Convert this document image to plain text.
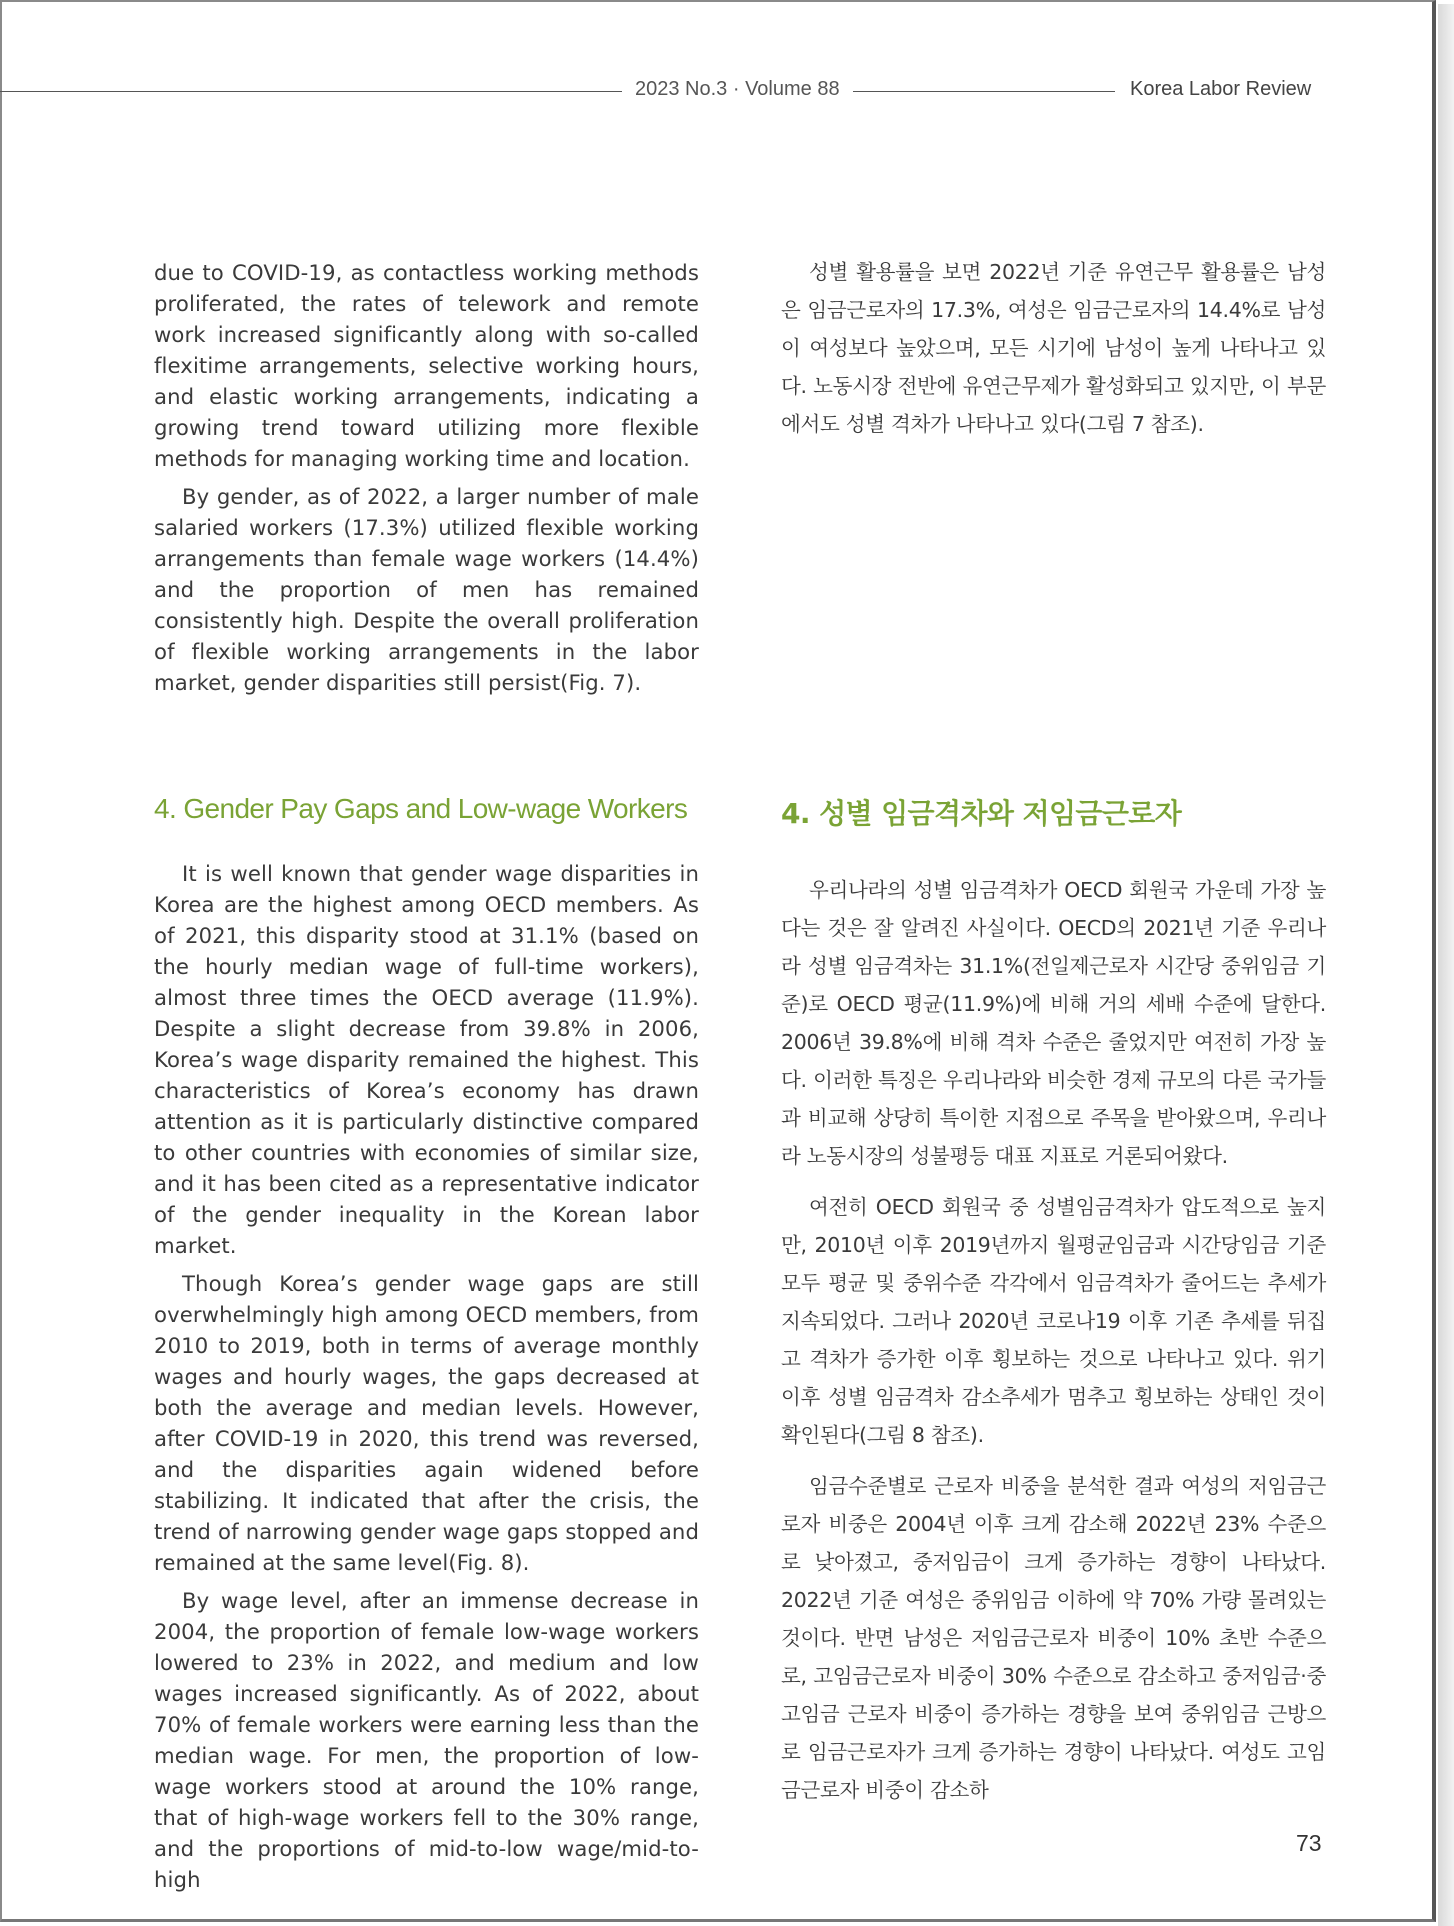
2023 No.3 · Volume 88	Korea Labor Review

due to COVID-19, as contactless working methods proliferated, the rates of telework and remote work increased significantly along with so-called flexitime arrangements, selective working hours, and elastic working arrangements, indicating a growing trend toward utilizing more flexible methods for managing working time and location.

By gender, as of 2022, a larger number of male salaried workers (17.3%) utilized flexible working arrangements than female wage workers (14.4%) and the proportion of men has remained consistently high. Despite the overall proliferation of flexible working arrangements in the labor market, gender disparities still persist(Fig. 7).

성별 활용률을 보면 2022년 기준 유연근무 활용률은 남성은 임금근로자의 17.3%, 여성은 임금근로자의 14.4%로 남성이 여성보다 높았으며, 모든 시기에 남성이 높게 나타나고 있다. 노동시장 전반에 유연근무제가 활성화되고 있지만, 이 부문에서도 성별 격차가 나타나고 있다(그림 7 참조).

4. Gender Pay Gaps and Low-wage Workers	4. 성별 임금격차와 저임금근로자

It is well known that gender wage disparities in Korea are the highest among OECD members. As of 2021, this disparity stood at 31.1% (based on the hourly median wage of full-time workers), almost three times the OECD average (11.9%). Despite a slight decrease from 39.8% in 2006, Korea’s wage disparity remained the highest. This characteristics of Korea’s economy has drawn attention as it is particularly distinctive compared to other countries with economies of similar size, and it has been cited as a representative indicator of the gender inequality in the Korean labor market.

Though Korea’s gender wage gaps are still overwhelmingly high among OECD members, from 2010 to 2019, both in terms of average monthly wages and hourly wages, the gaps decreased at both the average and median levels. However, after COVID-19 in 2020, this trend was reversed, and the disparities again widened before stabilizing. It indicated that after the crisis, the trend of narrowing gender wage gaps stopped and remained at the same level(Fig. 8).

By wage level, after an immense decrease in 2004, the proportion of female low-wage workers lowered to 23% in 2022, and medium and low wages increased significantly. As of 2022, about 70% of female workers were earning less than the median wage. For men, the proportion of low-wage workers stood at around the 10% range, that of high-wage workers fell to the 30% range, and the proportions of mid-to-low wage/mid-to-high

우리나라의 성별 임금격차가 OECD 회원국 가운데 가장 높다는 것은 잘 알려진 사실이다. OECD의 2021년 기준 우리나라 성별 임금격차는 31.1%(전일제근로자 시간당 중위임금 기준)로 OECD 평균(11.9%)에 비해 거의 세배 수준에 달한다. 2006년 39.8%에 비해 격차 수준은 줄었지만 여전히 가장 높다. 이러한 특징은 우리나라와 비슷한 경제 규모의 다른 국가들과 비교해 상당히 특이한 지점으로 주목을 받아왔으며, 우리나라 노동시장의 성불평등 대표 지표로 거론되어왔다.

여전히 OECD 회원국 중 성별임금격차가 압도적으로 높지만, 2010년 이후 2019년까지 월평균임금과 시간당임금 기준 모두 평균 및 중위수준 각각에서 임금격차가 줄어드는 추세가 지속되었다. 그러나 2020년 코로나19 이후 기존 추세를 뒤집고 격차가 증가한 이후 횡보하는 것으로 나타나고 있다. 위기 이후 성별 임금격차 감소추세가 멈추고 횡보하는 상태인 것이 확인된다(그림 8 참조).

임금수준별로 근로자 비중을 분석한 결과 여성의 저임금근로자 비중은 2004년 이후 크게 감소해 2022년 23% 수준으로 낮아졌고, 중저임금이 크게 증가하는 경향이 나타났다. 2022년 기준 여성은 중위임금 이하에 약 70% 가량 몰려있는 것이다. 반면 남성은 저임금근로자 비중이 10% 초반 수준으로, 고임금근로자 비중이 30% 수준으로 감소하고 중저임금·중고임금 근로자 비중이 증가하는 경향을 보여 중위임금 근방으로 임금근로자가 크게 증가하는 경향이 나타났다. 여성도 고임금근로자 비중이 감소하

73
